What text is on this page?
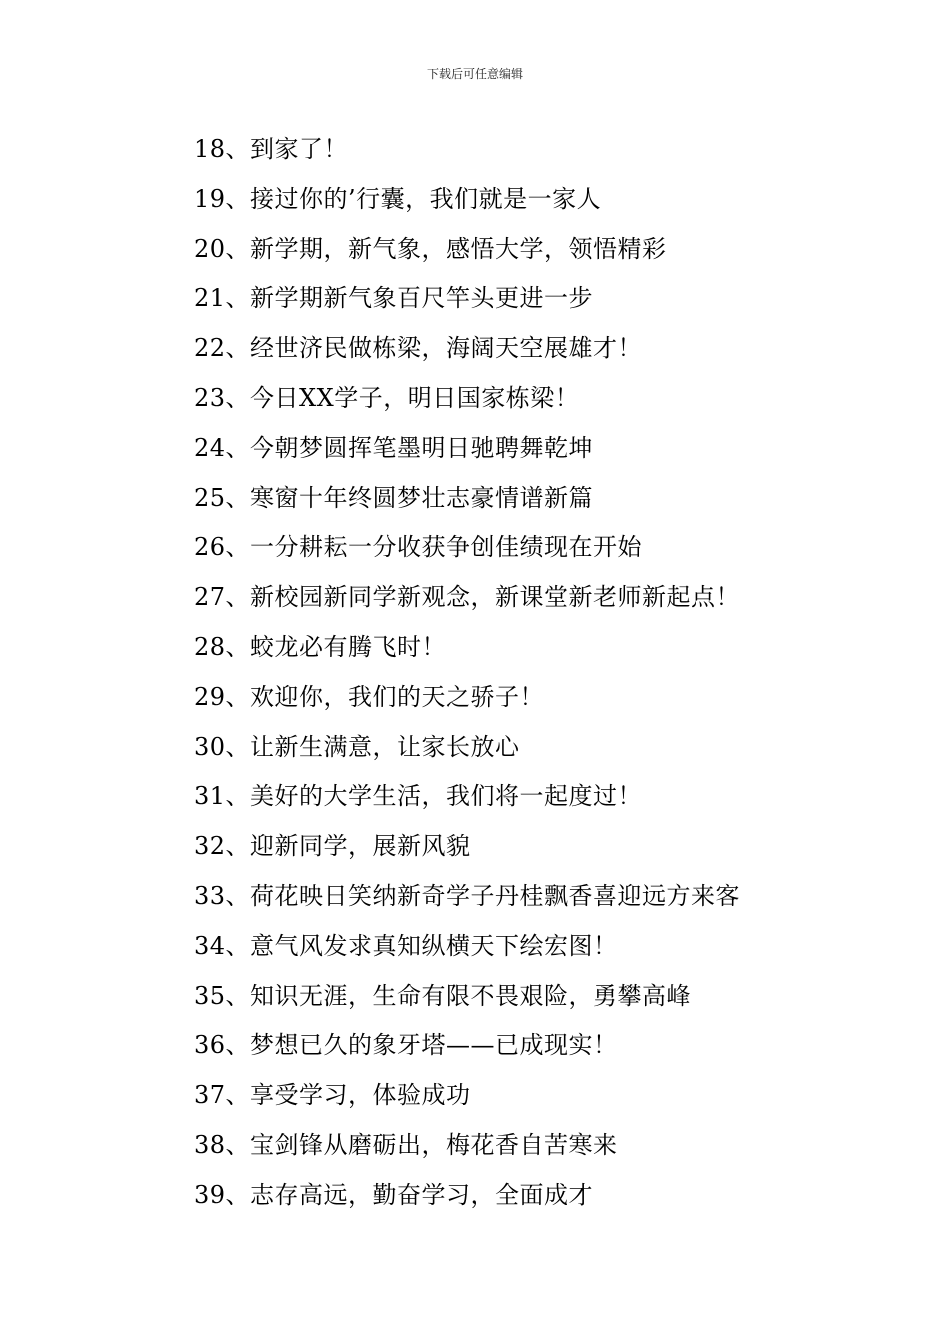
下载后可任意编辑
18、到家了！
19、接过你的’行囊，我们就是一家人
20、新学期，新气象，感悟大学，领悟精彩
21、新学期新气象百尺竿头更进一步
22、经世济民做栋梁，海阔天空展雄才！
23、今日XX学子，明日国家栋梁！
24、今朝梦圆挥笔墨明日驰聘舞乾坤
25、寒窗十年终圆梦壮志豪情谱新篇
26、一分耕耘一分收获争创佳绩现在开始
27、新校园新同学新观念，新课堂新老师新起点！
28、蛟龙必有腾飞时！
29、欢迎你，我们的天之骄子！
30、让新生满意，让家长放心
31、美好的大学生活，我们将一起度过！
32、迎新同学，展新风貌
33、荷花映日笑纳新奇学子丹桂飘香喜迎远方来客
34、意气风发求真知纵横天下绘宏图！
35、知识无涯，生命有限不畏艰险，勇攀高峰
36、梦想已久的象牙塔——已成现实！
37、享受学习，体验成功
38、宝剑锋从磨砺出，梅花香自苦寒来
39、志存高远，勤奋学习，全面成才
